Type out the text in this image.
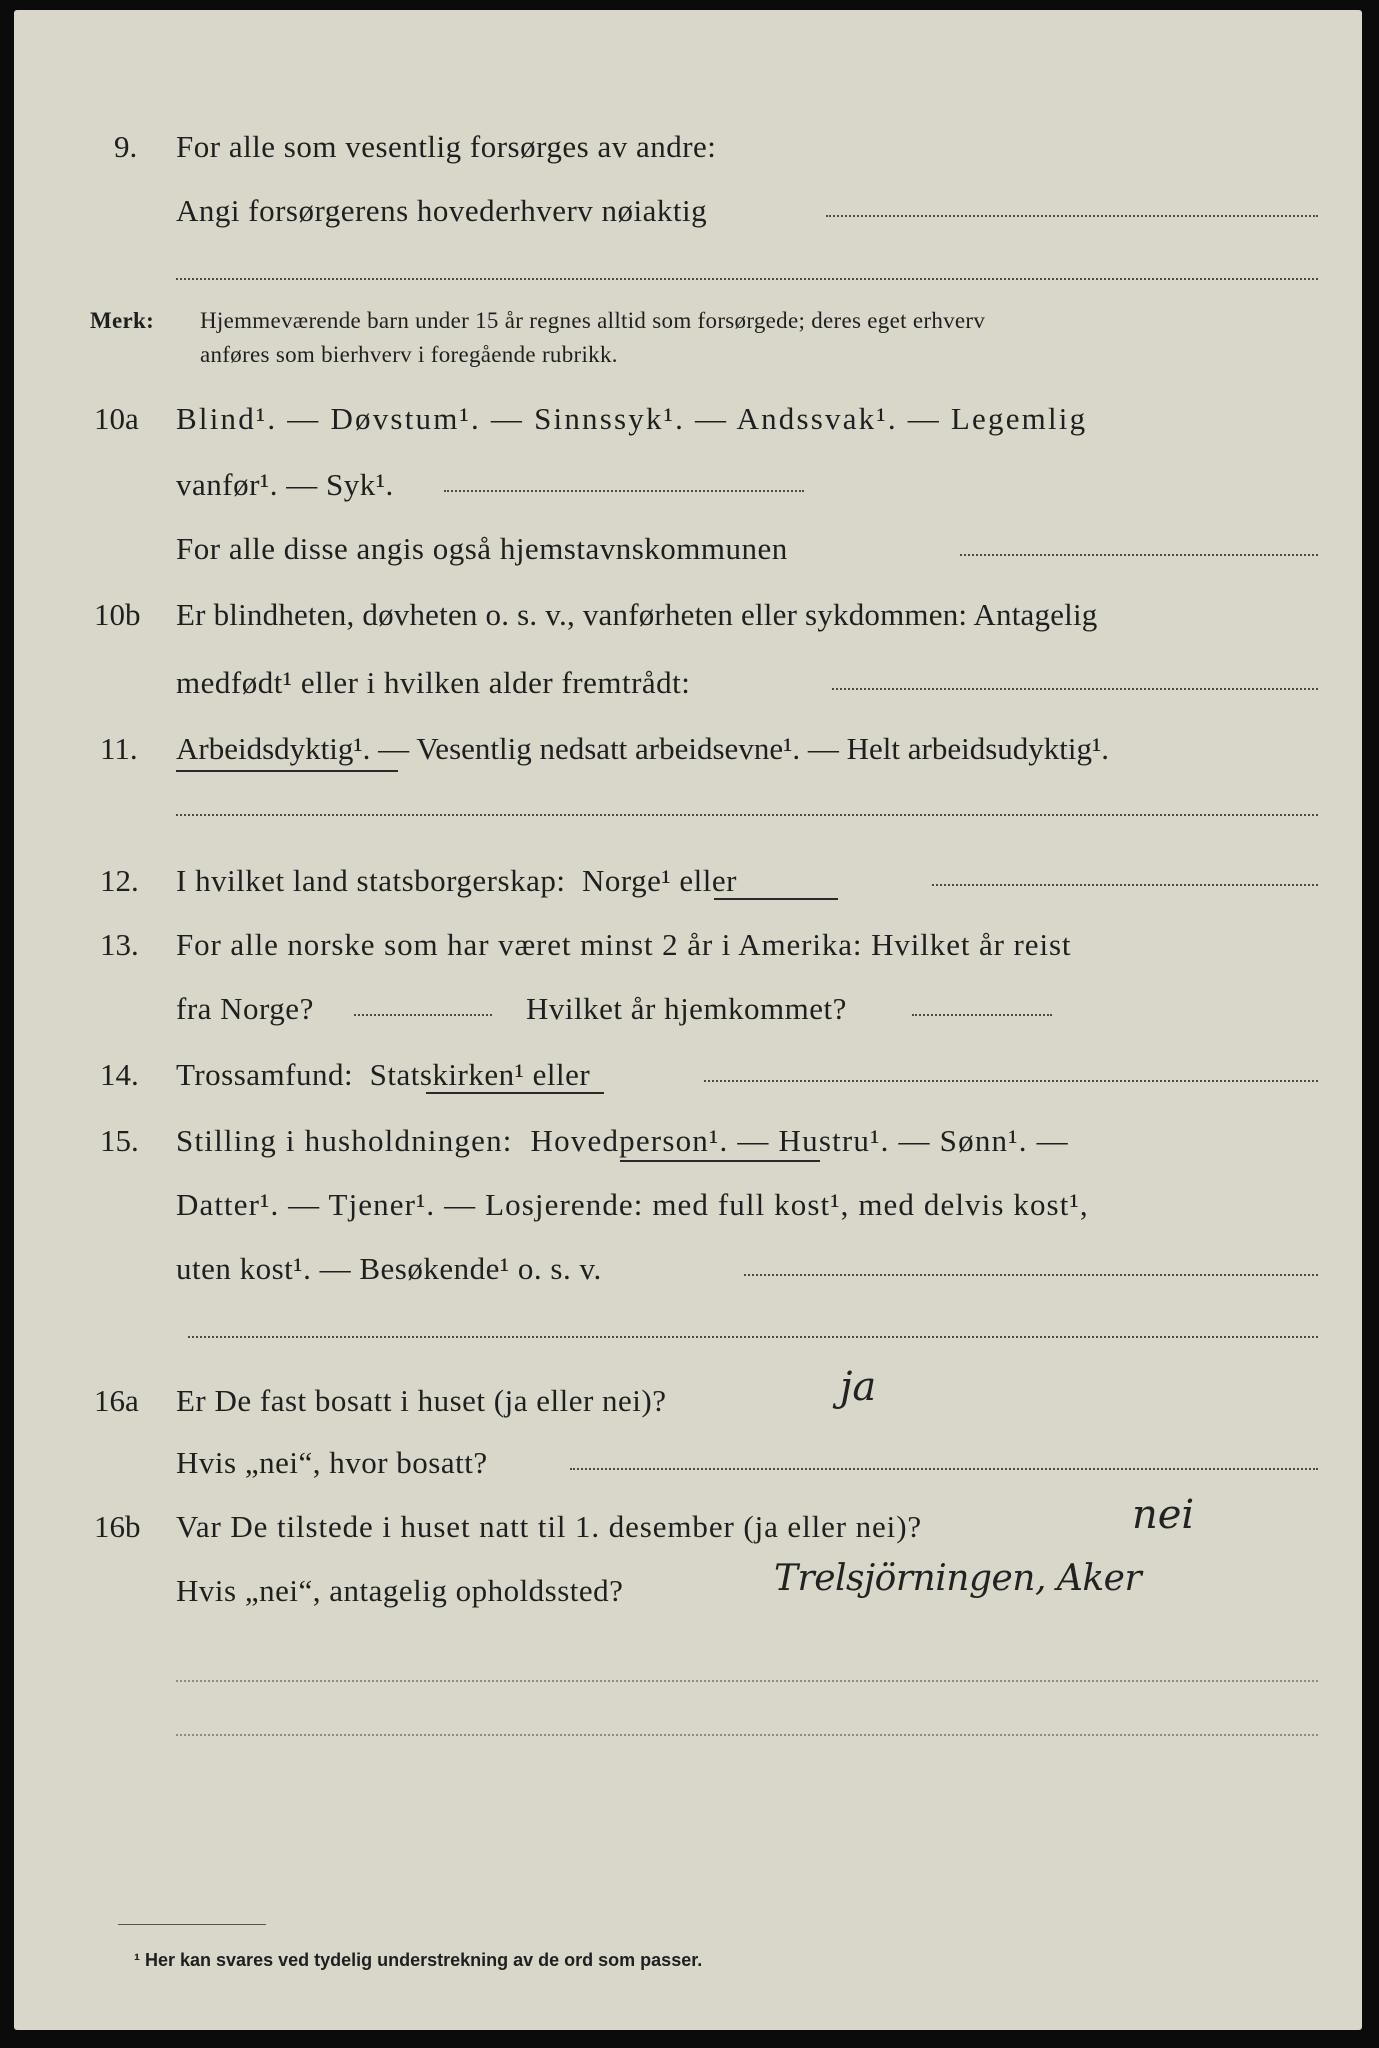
9. For alle som vesentlig forsørges av andre:
Angi forsørgerens hovederhverv nøiaktig
Merk: Hjemmeværende barn under 15 år regnes alltid som forsørgede; deres eget erhverv
anføres som bierhverv i foregående rubrikk.
10a Blind¹. — Døvstum¹. — Sinnssyk¹. — Andssvak¹. — Legemlig
vanfør¹. — Syk¹.
For alle disse angis også hjemstavnskommunen
10b Er blindheten, døvheten o. s. v., vanførheten eller sykdommen: Antagelig
medfødt¹ eller i hvilken alder fremtrådt:
11. Arbeidsdyktig¹. — Vesentlig nedsatt arbeidsevne¹. — Helt arbeidsudyktig¹.
12. I hvilket land statsborgerskap: Norge¹ eller
13. For alle norske som har været minst 2 år i Amerika: Hvilket år reist
fra Norge?	Hvilket år hjemkommet?
14. Trossamfund: Statskirken¹ eller
15. Stilling i husholdningen: Hovedperson¹. — Hustru¹. — Sønn¹. —
Datter¹. — Tjener¹. — Losjerende: med full kost¹, med delvis kost¹,
uten kost¹. — Besøkende¹ o. s. v.
16a Er De fast bosatt i huset (ja eller nei)?	ja
Hvis „nei“, hvor bosatt?
16b Var De tilstede i huset natt til 1. desember (ja eller nei)?	nei
Hvis „nei“, antagelig opholdssted?	Trelsjörningen, Aker
¹ Her kan svares ved tydelig understrekning av de ord som passer.
